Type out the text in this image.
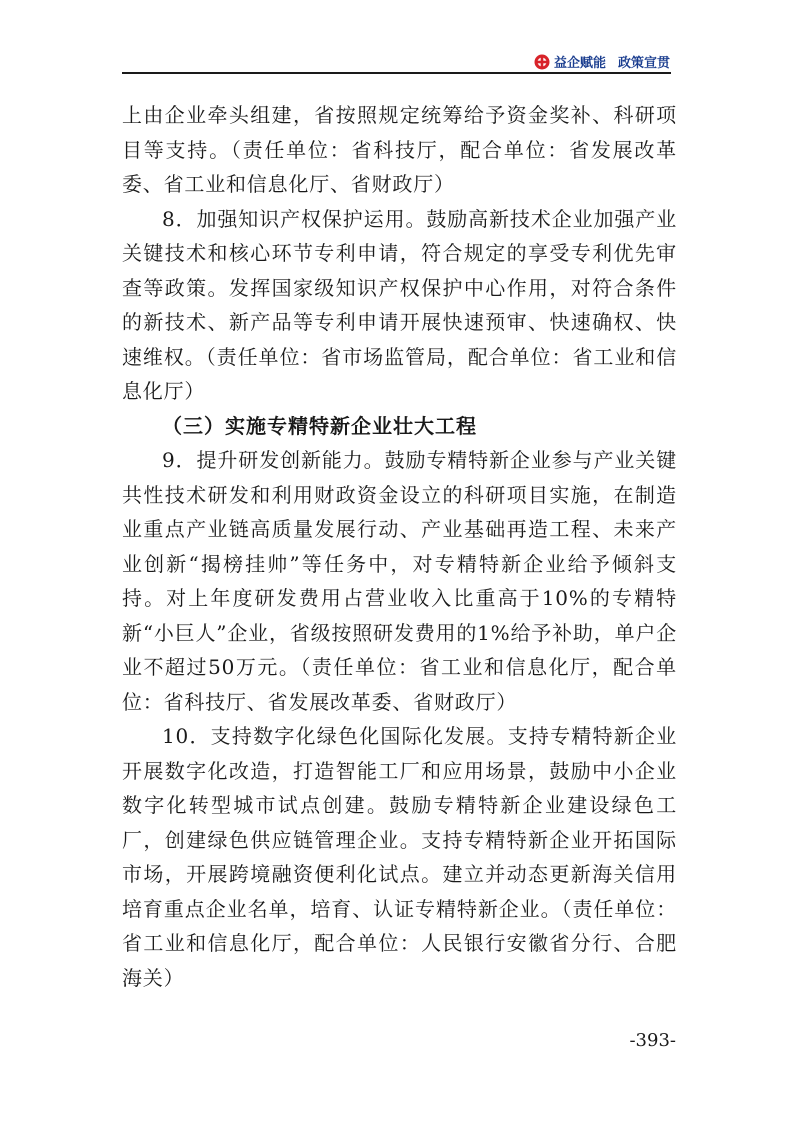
益企赋能 政策宣贯

上由企业牵头组建，省按照规定统筹给予资金奖补、科研项目等支持。（责任单位：省科技厅，配合单位：省发展改革委、省工业和信息化厅、省财政厅）

8．加强知识产权保护运用。鼓励高新技术企业加强产业关键技术和核心环节专利申请，符合规定的享受专利优先审查等政策。发挥国家级知识产权保护中心作用，对符合条件的新技术、新产品等专利申请开展快速预审、快速确权、快速维权。（责任单位：省市场监管局，配合单位：省工业和信息化厅）

（三）实施专精特新企业壮大工程

9．提升研发创新能力。鼓励专精特新企业参与产业关键共性技术研发和利用财政资金设立的科研项目实施，在制造业重点产业链高质量发展行动、产业基础再造工程、未来产业创新“揭榜挂帅”等任务中，对专精特新企业给予倾斜支持。对上年度研发费用占营业收入比重高于10%的专精特新“小巨人”企业，省级按照研发费用的1%给予补助，单户企业不超过50万元。（责任单位：省工业和信息化厅，配合单位：省科技厅、省发展改革委、省财政厅）

10．支持数字化绿色化国际化发展。支持专精特新企业开展数字化改造，打造智能工厂和应用场景，鼓励中小企业数字化转型城市试点创建。鼓励专精特新企业建设绿色工厂，创建绿色供应链管理企业。支持专精特新企业开拓国际市场，开展跨境融资便利化试点。建立并动态更新海关信用培育重点企业名单，培育、认证专精特新企业。（责任单位：省工业和信息化厅，配合单位：人民银行安徽省分行、合肥海关）

-393-
